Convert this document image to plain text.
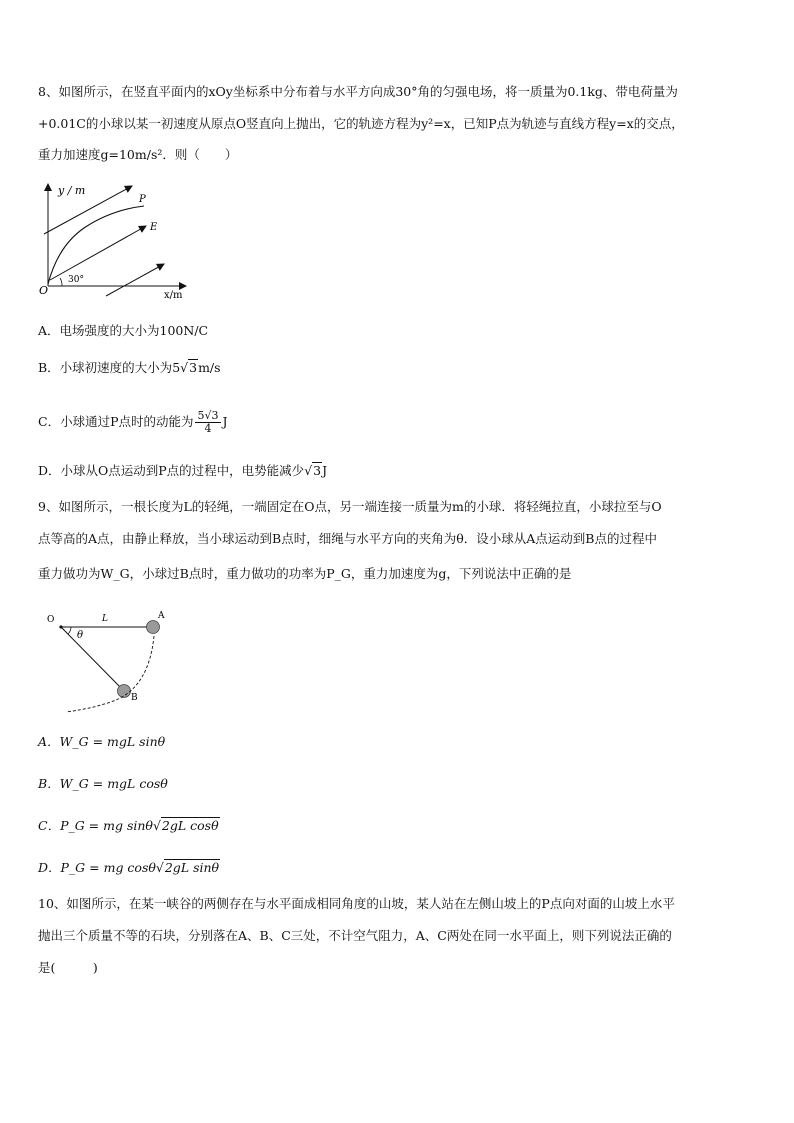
8、如图所示，在竖直平面内的xOy坐标系中分布着与水平方向成30°角的匀强电场，将一质量为0.1kg、带电荷量为
+0.01C的小球以某一初速度从原点O竖直向上抛出，它的轨迹方程为y²=x，已知P点为轨迹与直线方程y=x的交点，
重力加速度g=10m/s²．则（　　）
y / m
x/m
O
P
E
30°
A．电场强度的大小为100N/C
B．小球初速度的大小为5√3m/s
C．小球通过P点时的动能为 $\frac{5√3}{4}$ J
D．小球从O点运动到P点的过程中，电势能减少√3J
9、如图所示，一根长度为L的轻绳，一端固定在O点，另一端连接一质量为m的小球．将轻绳拉直，小球拉至与O
点等高的A点，由静止释放，当小球运动到B点时，细绳与水平方向的夹角为θ．设小球从A点运动到B点的过程中
重力做功为W_G，小球过B点时，重力做功的功率为P_G，重力加速度为g，下列说法中正确的是
O	L	A
θ
B
A．W_G = mgL sinθ
B．W_G = mgL cosθ
C．P_G = mg sinθ√2gL cosθ
D．P_G = mg cosθ√2gL sinθ
10、如图所示，在某一峡谷的两侧存在与水平面成相同角度的山坡，某人站在左侧山坡上的P点向对面的山坡上水平
抛出三个质量不等的石块，分别落在A、B、C三处，不计空气阻力，A、C两处在同一水平面上，则下列说法正确的
是(　　　)
